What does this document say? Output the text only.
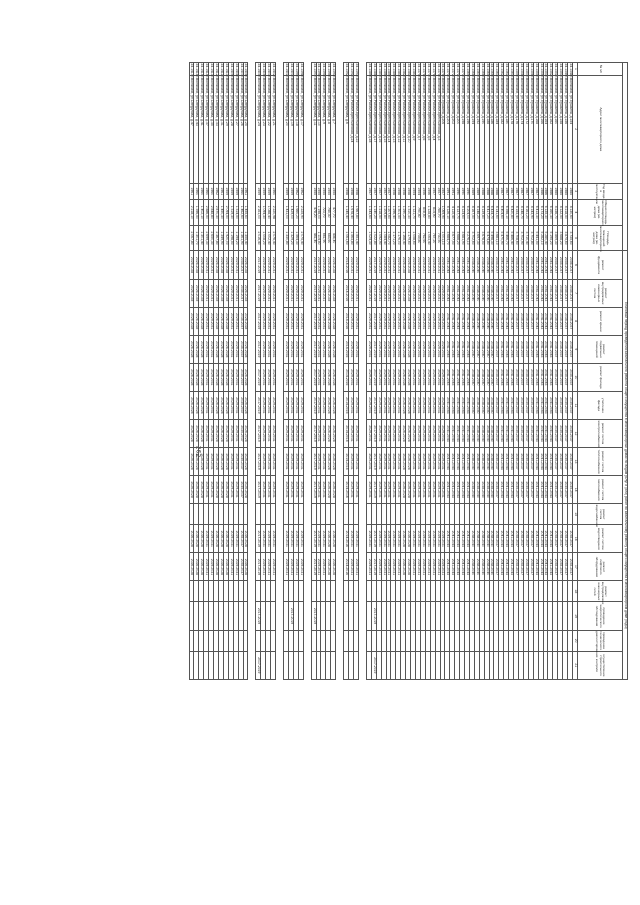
262
					Плановый период проведения капитального ремонта общего имущества в многоквартирных домах по видам услуг и (или) работ по капитальному ремонту общего имущества в многоквартирном доме (годы)															
№ п/п	Адрес многоквартирного дома	Год ввода в эксплуатацию	Общая площадь многоквартирного дома (кв. метров)	Площадь помещений многоквартирного дома (кв. метров)	ремонт фундамента	ремонт внутридомовых инженерных систем	ремонт крыши	ремонт подвальных помещений	ремонт фасада	утепление фасада	ремонт систем электроснабжения	ремонт систем теплоснабжения	ремонт систем газоснабжения	ремонт систем водоснабжения	ремонт систем водоотведения	ремонт лифтового оборудования	ремонт внутридомовых инженерных сетей	проведение энергетического обследования	проведение технического диагностирования	осуществление строительного контроля
1	2	3	4	5	6	7	8	9	10	11	12	13	14	15	16	17	18	19	20	21
34.1348	г.Волжский, ул.Пушкина, д.154	1985	4 130,60	3 735,60	2036-2037	2035-2037	2035-2037	2035-2037	2035-2037	2035-2037	2035-2037	2035-2037	2035-2037		2035-2037	2035-2037				
34.1349	г.Волжский, ул.Пушкина, д.156	1985	4 218,50	3 875,60	2035-2037	2035-2037	2035-2037	2035-2037	2035-2037	2035-2037	2035-2037	2035-2037	2035-2037		2035-2037	2035-2037				
34.1350	г.Волжский, ул.Пушкина, д.158	1985	4 122,50	3 688,20	2035-2037	2035-2037	2035-2037	2035-2037	2035-2037	2035-2037	2035-2037	2035-2037	2035-2037		2035-2037	2035-2037				
34.1351	г.Волжский, ул.Пушкина, д.160	1985	4 236,70	3 869,30	2035-2037	2035-2037	2035-2037	2035-2037	2035-2037	2035-2037	2035-2037	2035-2037	2035-2037		2035-2037	2035-2037				
34.1352	г.Волжский, ул.Пушкина, д.162	1986	6 160,30	5 195,20	2041-2043	2041-2043	2041-2043	2041-2043	2041-2043	2041-2043	2041-2043	2041-2043	2041-2043		2041-2043	2041-2043				
34.1353	г.Волжский, ул.Пушкина, д.164	1986	6 135,30	5 280,40	2041-2043	2041-2043	2041-2043	2041-2043	2041-2043	2041-2043	2041-2043	2041-2043	2041-2043		2041-2043	2041-2043				
34.1354	г.Волжский, ул.Пушкина, д.166	1986	6 173,20	5 282,10	2041-2043	2041-2043	2041-2043	2041-2043	2041-2043	2041-2043	2041-2043	2041-2043	2041-2043		2041-2043	2041-2043				
34.1355	г.Волжский, ул.Пушкина, д.168	1987	6 413,30	5 441,50	2041-2043	2041-2043	2041-2043	2041-2043	2041-2043	2041-2043	2041-2043	2041-2043	2041-2043		2041-2043	2041-2043				
34.1356	г.Волжский, ул.Пушкина, д.170	1987	4 143,90	3 702,80	2035-2037	2035-2037	2035-2037	2035-2037	2035-2037	2035-2037	2035-2037	2035-2037	2035-2037		2035-2037	2035-2037				
34.1357	г.Волжский, ул.Пушкина, д.172	1987	4 161,20	3 710,40	2035-2037	2035-2037	2035-2037	2035-2037	2035-2037	2035-2037	2035-2037	2035-2037	2035-2037		2035-2037	2035-2037				
34.1358	г.Волжский, ул.Пушкина, д.174	1987	4 148,70	3 702,90	2035-2037	2035-2037	2035-2037	2035-2037	2035-2037	2035-2037	2035-2037	2035-2037	2035-2037		2035-2037	2035-2037				
34.1359	г.Волжский, ул.Пушкина, д.176	1987	4 153,40	3 708,60	2035-2037	2035-2037	2035-2037	2035-2037	2035-2037	2035-2037	2035-2037	2035-2037	2035-2037		2035-2037	2035-2037				
34.1360	г.Волжский, ул.Пушкина, д.178	1987	6 420,80	5 486,40	2041-2043	2041-2043	2041-2043	2041-2043	2041-2043	2041-2043	2041-2043	2041-2043	2041-2043		2041-2043	2041-2043				
34.1361	г.Волжский, ул.Пушкина, д.180	1987	6 398,10	5 466,70	2041-2043	2041-2043	2041-2043	2041-2043	2041-2043	2041-2043	2041-2043	2041-2043	2041-2043		2041-2043	2041-2043				
34.1362	г.Волжский, ул.Пушкина, д.182	1987	6 404,60	5 470,90	2041-2043	2041-2043	2041-2043	2041-2043	2041-2043	2041-2043	2041-2043	2041-2043	2041-2043		2041-2043	2041-2043				
34.1363	г.Волжский, ул.Пушкина, д.184	1988	4 141,60	3 681,10	2035-2037	2035-2037	2035-2037	2035-2037	2035-2037	2035-2037	2035-2037	2035-2037	2035-2037		2035-2037	2035-2037				
34.1364	г.Волжский, ул.Пушкина, д.186	1988	6 434,70	5 498,30	2038-2040	2038-2040	2038-2040	2038-2040	2038-2040	2038-2040	2038-2040	2038-2040	2038-2040		2038-2040	2038-2040				
34.1365	г.Волжский, ул.Пушкина, д.188	1988	6 417,20	5 474,80	2038-2040	2038-2040	2038-2040	2038-2040	2038-2040	2038-2040	2038-2040	2038-2040	2038-2040		2038-2040	2038-2040				
34.1366	г.Волжский, ул.Пушкина, д.190	1988	4 139,80	3 678,50	2038-2040	2038-2040	2038-2040	2038-2040	2038-2040	2038-2040	2038-2040	2038-2040	2038-2040		2038-2040	2038-2040				
34.1367	г.Волжский, ул.Пушкина, д.192	1989	4 148,20	3 697,30	2038-2040	2038-2040	2038-2040	2038-2040	2038-2040	2038-2040	2038-2040	2038-2040	2038-2040		2038-2040	2038-2040				
34.1368	г.Волжский, ул.Пушкина, д.194	1989	4 167,50	3 702,60	2038-2040	2038-2040	2038-2040	2038-2040	2038-2040	2038-2040	2038-2040	2038-2040	2038-2040		2038-2040	2038-2040				
34.1369	г.Волжский, ул.Пушкина, д.196	1990	6 204,00	5 276,10	2041-2043	2041-2043	2041-2043	2041-2043	2041-2043	2041-2043	2041-2043	2041-2043	2041-2043		2041-2043	2041-2043				
34.1370	г.Волжский, ул.Пушкина, д.198	1990	4 124,60	3 681,90	2041-2043	2041-2043	2041-2043	2041-2043	2041-2043	2041-2043	2041-2043	2041-2043	2041-2043		2041-2043	2041-2043				
34.1371	г.Волжский, ул.Пушкина, д.200	1990	4 137,70	3 688,20	2041-2043	2041-2043	2041-2043	2041-2043	2041-2043	2041-2043	2041-2043	2041-2043	2041-2043		2041-2043	2041-2043				
34.1372	г.Волжский, ул.Пушкина, д.202	1991	4 115,40	3 677,50	2041-2043	2041-2043	2041-2043	2041-2043	2041-2043	2041-2043	2041-2043	2041-2043	2041-2043		2041-2043	2041-2043				
34.1373	г.Волжский, ул.Пушкина, д.204	1991	4 126,10	3 684,70	2041-2043	2041-2043	2041-2043	2041-2043	2041-2043	2041-2043	2041-2043	2041-2043	2041-2043		2041-2043	2041-2043				
34.1374	г.Волжский, ул.Пушкина, д.206	1957	1 069,90	1 001,10	2029-2031	2029-2031	2029-2031	2029-2031	2029-2031	2029-2031	2029-2031	2029-2031	2029-2031		2029-2031	2029-2031				
34.1375	г.Волжский, ул.Рабоче-Крестьянская, д.3	1957	785,70	730,50	2029-2031	2029-2031	2029-2031	2029-2031	2029-2031	2029-2031	2029-2031	2029-2031	2029-2031		2029-2031	2029-2031				
34.1376	г.Волжский, ул.Рабоче-Крестьянская, д.4	1957	814,90	767,20	2029-2031	2029-2031	2029-2031	2029-2031	2029-2031	2029-2031	2029-2031	2029-2031	2029-2031		2029-2031	2029-2031				
34.1377	г.Волжский, ул.Рабоче-Крестьянская, д.5	1956	1 128,80	1 063,40	2029-2031	2029-2031	2029-2031	2029-2031	2029-2031	2029-2031	2029-2031	2029-2031	2029-2031		2029-2031	2029-2031				
34.1378	г.Волжский, ул.Рабоче-Крестьянская, д.6	1956	808,50	762,60	2029-2031	2029-2031	2029-2031	2029-2031	2029-2031	2029-2031	2029-2031	2029-2031	2029-2031		2029-2031	2029-2031				
34.1379	г.Волжский, ул.Рабоче-Крестьянская, д.7	1954	790,40	739,80	2029-2031	2029-2031	2029-2031	2029-2031	2029-2031	2029-2031	2029-2031	2029-2031	2029-2031		2029-2031	2029-2031				
34.1380	г.Волжский, ул.Рабоче-Крестьянская, д.9	1954	1 121,70	1 058,60	2029-2031	2029-2031	2029-2031	2029-2031	2029-2031	2029-2031	2029-2031	2029-2031	2029-2031		2029-2031	2029-2031				
34.1381	г.Волжский, ул.Рабоче-Крестьянская, д.10	1958	1 310,30	1 179,60	2026-2028	2026-2028	2026-2028	2026-2028	2026-2028	2026-2028	2026-2028	2026-2028	2026-2028		2026-2028	2026-2028				
34.1382	г.Волжский, ул.Рабоче-Крестьянская, д.11	1958	1 290,20	1 168,40	2026-2028	2026-2028	2026-2028	2026-2028	2026-2028	2026-2028	2026-2028	2026-2028	2026-2028		2026-2028	2026-2028				
34.1383	г.Волжский, ул.Рабоче-Крестьянская, д.12	1958	1 301,50	1 176,00	2029-2031	2029-2031	2029-2031	2029-2031	2029-2031	2029-2031	2029-2031	2029-2031	2029-2031		2029-2031	2029-2031				
34.1384	г.Волжский, ул.Рабоче-Крестьянская, д.13	1958	1 296,40	1 171,20	2029-2031	2029-2031	2029-2031	2029-2031	2029-2031	2029-2031	2029-2031	2029-2031	2029-2031		2029-2031	2029-2031				
34.1385	г.Волжский, ул.Рабоче-Крестьянская, д.14	1957	1 207,60	1 082,70	2029-2031	2029-2031	2029-2031	2029-2031	2029-2031	2029-2031	2029-2031	2029-2031	2029-2031		2029-2031	2029-2031				
34.1386	г.Волжский, ул.Рабоче-Крестьянская, д.15	1957	1 209,80	1 084,40	2029-2031	2029-2031	2029-2031	2029-2031	2029-2031	2029-2031	2029-2031	2029-2031	2029-2031		2029-2031	2029-2031				
34.1387	г.Волжский, ул.Рабоче-Крестьянская, д.16	1957	1 218,50	1 092,90	2029-2031	2029-2031	2029-2031	2029-2031	2029-2031	2029-2031	2029-2031	2029-2031	2029-2031		2029-2031	2029-2031				
34.1388	г.Волжский, ул.Рабоче-Крестьянская, д.17	1957	1 140,20	1 022,80	2017-2019	2017-2019	2017-2019	2017-2019	2017-2019	2017-2019	2017-2019	2017-2019	2017-2019		2017-2019	2017-2019		2017-2019		2017-2019
34.1389	г.Волжский, ул.Рабоче-Крестьянская, д.18	1957	1 143,60	1 024,30	2029-2031	2029-2031	2029-2031	2029-2031	2029-2031	2029-2031	2029-2031	2029-2031	2029-2031		2029-2031	2029-2031				

34.1390	г.Волжский, ул.Рабоче-Крестьянская, д.22	1958	1 667,80	1 551,40	2029-2031	2029-2031	2029-2031	2029-2031	2029-2031	2029-2031	2029-2031	2029-2031	2029-2031		2029-2031	2029-2031				
34.1391	г.Волжский, ул.Рабоче-Крестьянская, д.24	1958	1 678,40	1 563,80	2029-2031	2029-2031	2029-2031	2029-2031	2029-2031	2029-2031	2029-2031	2029-2031	2029-2031		2029-2031	2029-2031				
34.1392	г.Волжский, ул.Свердлова, д.6	1958	1 145,40	1 061,60	2014-2016	2014-2016	2014-2016	2014-2016	2014-2016	2014-2016	2014-2016	2014-2016	2014-2016		2014-2016	2014-2016				

34.1393	г.Волжский, ул.Свердлова, д.7	1955	477,70	436,40	2026-2028	2026-2028	2026-2028	2026-2028	2026-2028	2026-2028	2026-2028	2026-2028	2026-2028		2026-2028	2026-2028				
34.1394	г.Волжский, ул.Свердлова, д.8	1955	745,30	683,60	2026-2028	2026-2028	2026-2028	2026-2028	2026-2028	2026-2028	2026-2028	2026-2028	2026-2028		2026-2028	2026-2028				
34.1395	г.Волжский, ул.Свердлова, д.9	1955	723,70	661,90	2029-2031	2029-2031	2029-2031	2029-2031	2029-2031	2029-2031	2029-2031	2029-2031	2029-2031		2029-2031	2029-2031				
34.1396	г.Волжский, ул.Свердлова, д.10	1955	1 198,00	1 114,50	2029-2031	2029-2031	2029-2031	2029-2031	2029-2031	2029-2031	2029-2031	2029-2031	2029-2031		2029-2031	2029-2031				
34.1397	г.Волжский, ул.Свердлова, д.11	1955	478,20	441,40	2017-2019	2017-2019	2017-2019	2017-2019	2017-2019	2017-2019	2017-2019	2017-2019	2017-2019		2017-2019	2017-2019		2017-2019		

34.1398	г.Волжский, ул.Свердлова, д.17	1962	2 225,90	2 075,40	2029-2031	2029-2031	2029-2031	2029-2031	2029-2031	2029-2031	2029-2031	2029-2031	2029-2031		2029-2031	2029-2031				
34.1399	г.Волжский, ул.Свердлова, д.18	1962	1 660,20	1 564,30	2029-2031	2029-2031	2029-2031	2029-2031	2029-2031	2029-2031	2029-2031	2029-2031	2029-2031		2029-2031	2029-2031				
34.1400	г.Волжский, ул.Свердлова, д.19	1959	1 429,00	1 329,20	2029-2031	2029-2031	2029-2031	2029-2031	2029-2031	2029-2031	2029-2031	2029-2031	2029-2031		2029-2031	2029-2031		2017-2019		
34.1401	г.Волжский, ул.Свердлова, д.20	1959	1 431,00	1 330,80	2029-2031	2029-2031	2029-2031	2029-2031	2029-2031	2029-2031	2029-2031	2029-2031	2029-2031		2029-2031	2029-2031				

34.1402	г.Волжский, ул.Свердлова, д.21	1960	2 220,98	2 076,40	2029-2031	2029-2031	2029-2031	2029-2031	2029-2031	2029-2031	2029-2031	2029-2031	2029-2031		2029-2031	2029-2031				
34.1403	г.Волжский, ул.Свердлова, д.22	1959	1 088,40	1 002,40	2029-2031	2029-2031	2029-2031	2029-2031	2029-2031	2029-2031	2029-2031	2029-2031	2029-2031		2029-2031	2029-2031				
34.1404	г.Волжский, ул.Свердлова, д.23	1959	1 094,30	1 008,20	2029-2031	2029-2031	2029-2031	2029-2031	2029-2031	2029-2031	2029-2031	2029-2031	2029-2031		2029-2031	2029-2031				
34.1405	г.Волжский, ул.Свердлова, д.24	1959	2 161,00	2 016,40	2017-2019	2017-2019	2017-2019	2017-2019	2017-2019	2017-2019	2017-2019	2017-2019	2017-2019		2017-2019	2017-2019		2017-2019		2017-2019

34.1406	г.Волжский, ул.Свердлова, д.25	1961	1 455,60	1 355,40	2026-2028	2026-2028	2026-2028	2026-2028	2026-2028	2026-2028	2026-2028	2026-2028	2026-2028		2026-2028	2026-2028				
34.1407	г.Волжский, ул.Свердлова, д.26	1960	1 462,60	1 361,90	2035-2037	2035-2037	2035-2037	2035-2037	2035-2037	2035-2037	2035-2037	2035-2037	2035-2037		2035-2037	2035-2037				
34.1408	г.Волжский, ул.Свердлова, д.27	1959	1 314,50	1 194,20	2029-2031	2029-2031	2029-2031	2029-2031	2029-2031	2029-2031	2029-2031	2029-2031	2029-2031		2029-2031	2029-2031				
34.1409	г.Волжский, ул.Свердлова, д.28	1959	1 319,30	1 198,50	2029-2031	2029-2031	2029-2031	2029-2031	2029-2031	2029-2031	2029-2031	2029-2031	2029-2031		2029-2031	2029-2031				
34.1410	г.Волжский, ул.Свердлова, д.29	1959	2 094,50	1 920,00	2026-2028	2026-2028	2026-2028	2026-2028	2026-2028	2026-2028	2026-2028	2026-2028	2026-2028		2026-2028	2026-2028				
34.1411	г.Волжский, ул.Свердлова, д.31	1961	1 450,30	1 349,90	2026-2028	2026-2028	2026-2028	2026-2028	2026-2028	2026-2028	2026-2028	2026-2028	2026-2028		2026-2028	2026-2028				
34.1412	г.Волжский, ул.Свердлова, д.33	1962	2 870,30	2 367,80	2026-2028	2026-2028	2026-2028	2026-2028	2026-2028	2026-2028	2026-2028	2026-2028	2026-2028		2026-2028	2026-2028				
34.1413	г.Волжский, ул.Свердлова, д.35	1960	2 848,80	2 650,30	2029-2031	2029-2031	2029-2031	2029-2031	2029-2031	2029-2031	2029-2031	2029-2031	2029-2031		2029-2031	2029-2031				
34.1414	г.Волжский, ул.Свердлова, д.37	1960	2 886,50	2 699,30	2029-2031	2029-2031	2029-2031	2029-2031	2029-2031	2029-2031	2029-2031	2029-2031	2029-2031		2029-2031	2029-2031				
34.1415	г.Волжский, ул.Свердлова, д.41	1960	1 402,10	1 301,40	2026-2028	2026-2028	2026-2028	2026-2028	2026-2028	2026-2028	2026-2028	2026-2028	2026-2028		2026-2028	2026-2028				
34.1416	г.Волжский, ул.Свердлова, д.43	1960	1 396,50	1 301,70	2026-2028	2026-2028	2026-2028	2026-2028	2026-2028	2026-2028	2026-2028	2026-2028	2026-2028		2026-2028	2026-2028				
34.1417	г.Волжский, ул.Свердлова, д.47	1961	2 218,10	2 067,80	2026-2028	2026-2028	2026-2028	2026-2028	2026-2028	2026-2028	2026-2028	2026-2028	2026-2028		2026-2028	2026-2028				
